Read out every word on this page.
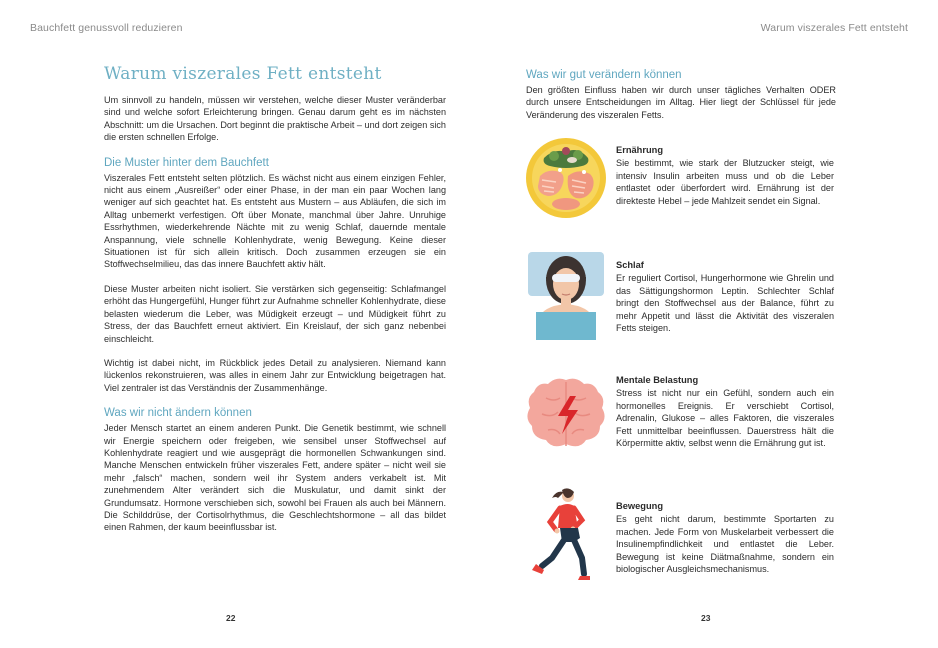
Bauchfett genussvoll reduzieren	Warum viszerales Fett entsteht
Warum viszerales Fett entsteht

Um sinnvoll zu handeln, müssen wir verstehen, welche dieser Muster veränderbar sind und welche sofort Erleichterung bringen. Genau darum geht es im nächsten Abschnitt: um die Ursachen. Dort beginnt die praktische Arbeit – und dort zeigen sich die ersten schnellen Erfolge.

Die Muster hinter dem Bauchfett

Viszerales Fett entsteht selten plötzlich. Es wächst nicht aus einem einzigen Fehler, nicht aus einem „Ausreißer“ oder einer Phase, in der man ein paar Wochen lang weniger auf sich geachtet hat. Es entsteht aus Mustern – aus Abläufen, die sich im Alltag unbemerkt verfestigen. Oft über Monate, manchmal über Jahre. Unruhige Essrhythmen, wiederkehrende Nächte mit zu wenig Schlaf, dauernde mentale Anspannung, viele schnelle Kohlenhydrate, wenig Bewegung. Keine dieser Situationen ist für sich allein kritisch. Doch zusammen erzeugen sie ein Stoffwechselmilieu, das das innere Bauchfett aktiv hält.

Diese Muster arbeiten nicht isoliert. Sie verstärken sich gegenseitig: Schlafmangel erhöht das Hungergefühl, Hunger führt zur Aufnahme schneller Kohlenhydrate, diese belasten wiederum die Leber, was Müdigkeit erzeugt – und Müdigkeit führt zu Stress, der das Bauchfett erneut aktiviert. Ein Kreislauf, der sich ganz nebenbei einschleicht.

Wichtig ist dabei nicht, im Rückblick jedes Detail zu analysieren. Niemand kann lückenlos rekonstruieren, was alles in einem Jahr zur Entwicklung beigetragen hat. Viel zentraler ist das Verständnis der Zusammenhänge.

Was wir nicht ändern können

Jeder Mensch startet an einem anderen Punkt. Die Genetik bestimmt, wie schnell wir Energie speichern oder freigeben, wie sensibel unser Stoffwechsel auf Kohlenhydrate reagiert und wie ausgeprägt die hormonellen Schwankungen sind. Manche Menschen entwickeln früher viszerales Fett, andere später – nicht weil sie mehr „falsch“ machen, sondern weil ihr System anders verkabelt ist. Mit zunehmendem Alter verändert sich die Muskulatur, und damit sinkt der Grundumsatz. Hormone verschieben sich, sowohl bei Frauen als auch bei Männern. Die Schilddrüse, der Cortisolrhythmus, die Geschlechtshormone – all das bildet einen Rahmen, der kaum beeinflussbar ist.

22
Was wir gut verändern können

Den größten Einfluss haben wir durch unser tägliches Verhalten ODER durch unsere Entscheidungen im Alltag. Hier liegt der Schlüssel für jede Veränderung des viszeralen Fetts.

Ernährung

Sie bestimmt, wie stark der Blutzucker steigt, wie intensiv Insulin arbeiten muss und ob die Leber entlastet oder überfordert wird. Ernährung ist der direkteste Hebel – jede Mahlzeit sendet ein Signal.

Schlaf

Er reguliert Cortisol, Hungerhormone wie Ghrelin und das Sättigungshormon Leptin. Schlechter Schlaf bringt den Stoffwechsel aus der Balance, führt zu mehr Appetit und lässt die Aktivität des viszeralen Fetts steigen.

Mentale Belastung

Stress ist nicht nur ein Gefühl, sondern auch ein hormonelles Ereignis. Er verschiebt Cortisol, Adrenalin, Glukose – alles Faktoren, die viszerales Fett unmittelbar beeinflussen. Dauerstress hält die Körpermitte aktiv, selbst wenn die Ernährung gut ist.

Bewegung

Es geht nicht darum, bestimmte Sportarten zu machen. Jede Form von Muskelarbeit verbessert die Insulinempfindlichkeit und entlastet die Leber. Bewegung ist keine Diätmaßnahme, sondern ein biologischer Ausgleichsmechanismus.

23
